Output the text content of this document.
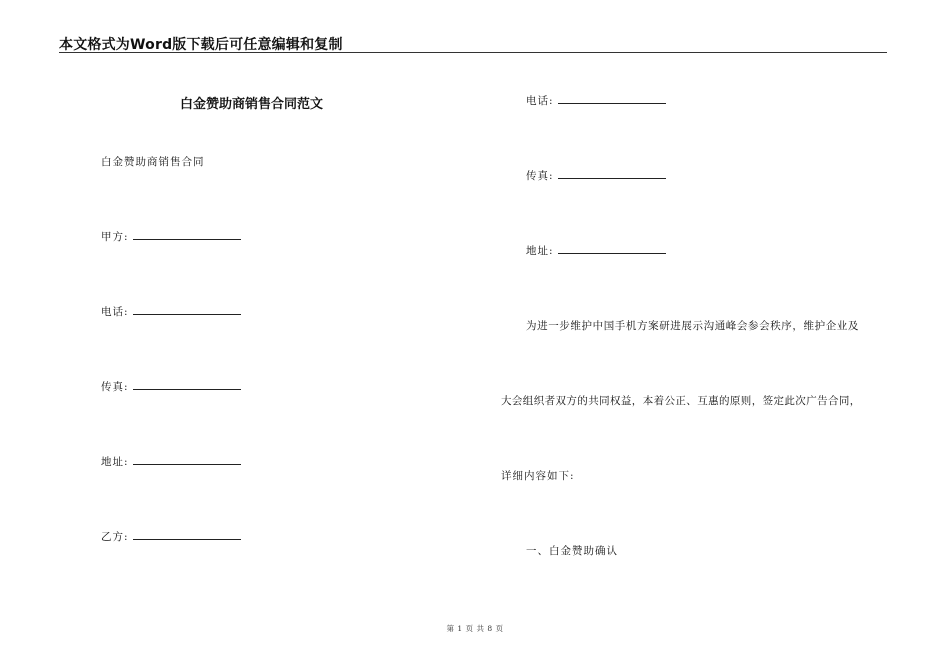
本文格式为Word版下载后可任意编辑和复制
白金赞助商销售合同范文
白金赞助商销售合同
甲方:
电话:
传真:
地址:
乙方:
电话:
传真:
地址:
为进一步维护中国手机方案研进展示沟通峰会参会秩序，维护企业及
大会组织者双方的共同权益，本着公正、互惠的原则，签定此次广告合同，
详细内容如下:
一、白金赞助确认
第 1 页 共 8 页
